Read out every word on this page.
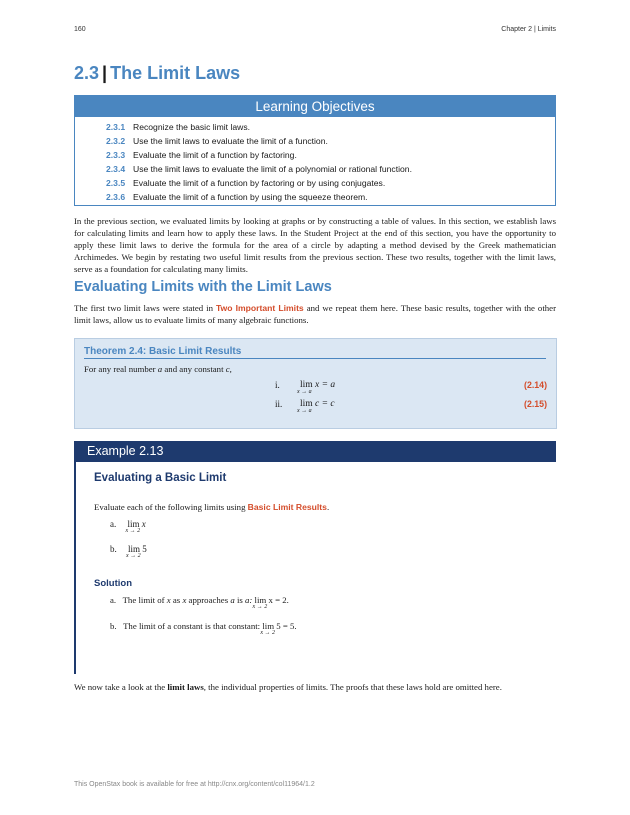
160	Chapter 2 | Limits
2.3 | The Limit Laws
Learning Objectives
2.3.1 Recognize the basic limit laws.
2.3.2 Use the limit laws to evaluate the limit of a function.
2.3.3 Evaluate the limit of a function by factoring.
2.3.4 Use the limit laws to evaluate the limit of a polynomial or rational function.
2.3.5 Evaluate the limit of a function by factoring or by using conjugates.
2.3.6 Evaluate the limit of a function by using the squeeze theorem.
In the previous section, we evaluated limits by looking at graphs or by constructing a table of values. In this section, we establish laws for calculating limits and learn how to apply these laws. In the Student Project at the end of this section, you have the opportunity to apply these limit laws to derive the formula for the area of a circle by adapting a method devised by the Greek mathematician Archimedes. We begin by restating two useful limit results from the previous section. These two results, together with the limit laws, serve as a foundation for calculating many limits.
Evaluating Limits with the Limit Laws
The first two limit laws were stated in Two Important Limits and we repeat them here. These basic results, together with the other limit laws, allow us to evaluate limits of many algebraic functions.
Theorem 2.4: Basic Limit Results
For any real number a and any constant c,
i. lim
x → a
x = a	(2.14)
ii. lim
x → a
c = c	(2.15)
Example 2.13
Evaluating a Basic Limit
Evaluate each of the following limits using Basic Limit Results.
a. lim
x → 2
x
b. lim
x → 2
5
Solution
a. The limit of x as x approaches a is a: lim
x → 2
x = 2.
b. The limit of a constant is that constant: lim
x → 2
5 = 5.
We now take a look at the limit laws, the individual properties of limits. The proofs that these laws hold are omitted here.
This OpenStax book is available for free at http://cnx.org/content/col11964/1.2
